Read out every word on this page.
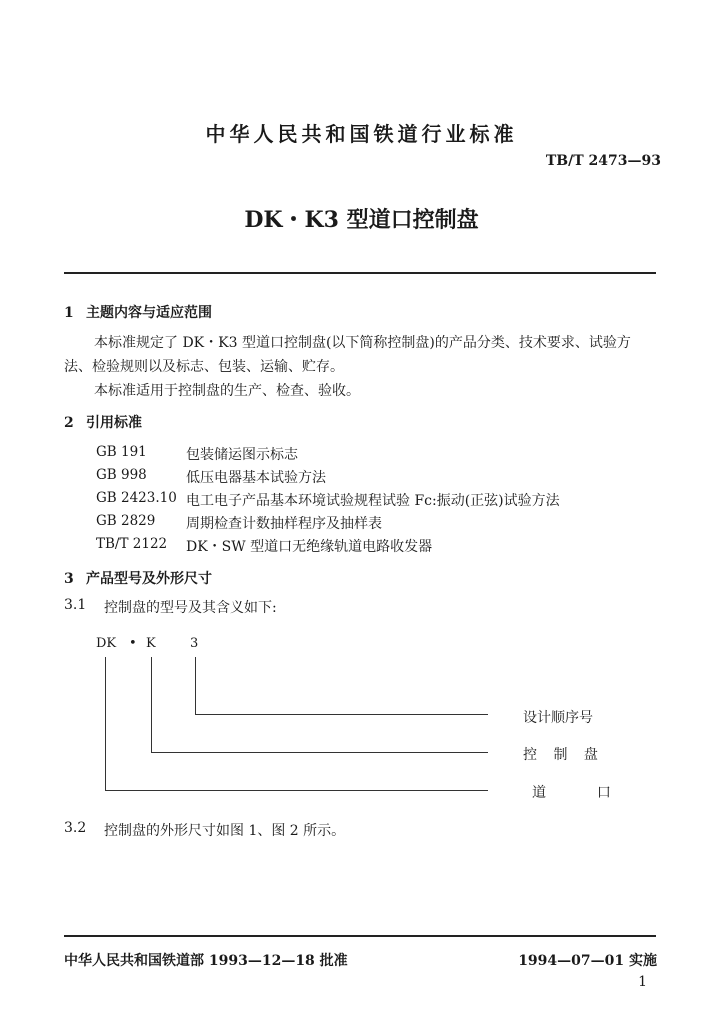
中华人民共和国铁道行业标准
TB/T 2473—93
DK・K3 型道口控制盘
1 主题内容与适应范围
本标准规定了 DK・K3 型道口控制盘(以下简称控制盘)的产品分类、技术要求、试验方
法、检验规则以及标志、包装、运输、贮存。
本标准适用于控制盘的生产、检查、验收。
2 引用标准
GB 191	包装储运图示标志
GB 998	低压电器基本试验方法
GB 2423.10 电工电子产品基本环境试验规程试验 Fc:振动(正弦)试验方法
GB 2829 周期检查计数抽样程序及抽样表
TB/T 2122 DK・SW 型道口无绝缘轨道电路收发器
3 产品型号及外形尺寸
3.1 控制盘的型号及其含义如下:
DK • K	3
设计顺序号
控 制 盘
道  口
3.2 控制盘的外形尺寸如图 1、图 2 所示。
中华人民共和国铁道部 1993—12—18 批准	1994—07—01 实施
1
